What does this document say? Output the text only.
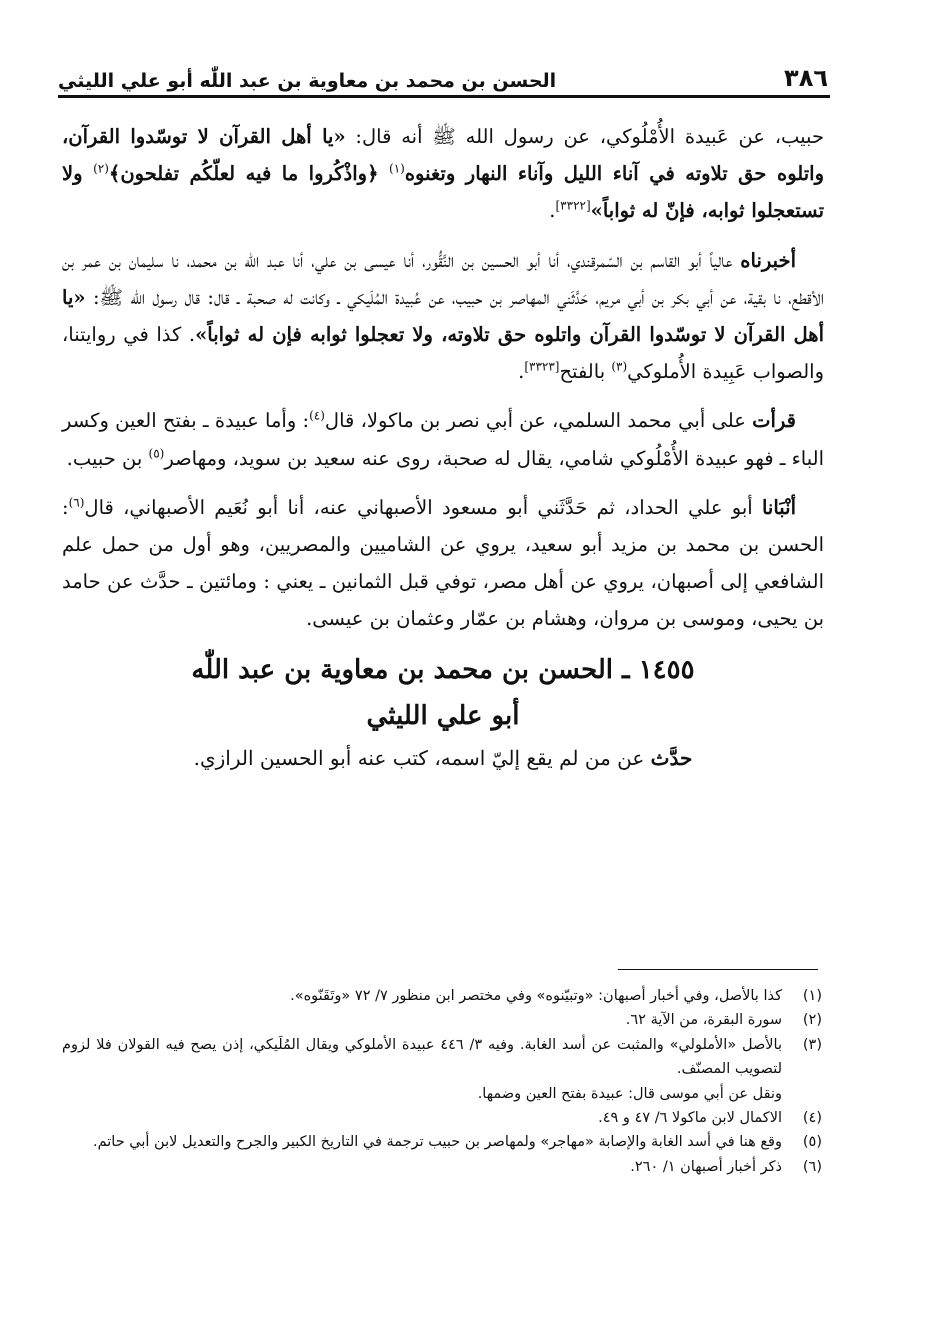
٣٨٦
الحسن بن محمد بن معاوية بن عبد اللّٰه أبو علي الليثي

حبيب، عن عَبيدة الأُمْلُوكي، عن رسول الله ﷺ أنه قال: «يا أهل القرآن لا توسّدوا القرآن، واتلوه حق تلاوته في آناء الليل وآناء النهار وتغنوه$^{(١)}$ ﴿واذْكُروا ما فيه لعلّكُم تفلحون﴾$^{(٢)}$ ولا تستعجلوا ثوابه، فإنّ له ثواباً»[٣٣٢٢].

أخبرناه عالياً أبو القاسم بن السّمرقندي، أنا أبو الحسين بن النَّقُّور، أنا عيسى بن علي، أنا عبد اللّٰه بن محمد، نا سليمان بن عمر بن الأقطع، نا بقية، عن أبي بكر بن أبي مريم، حَدَّثَني المهاصر بن حبيب، عن عُبيدة المُلَيكي ـ وكانت له صحبة ـ قال: قال رسول الله ﷺ: «يا أهل القرآن لا توسّدوا القرآن واتلوه حق تلاوته، ولا تعجلوا ثوابه فإن له ثواباً». كذا في روايتنا، والصواب عَبِيدة الأُملوكي$^{(٣)}$ بالفتح[٣٣٢٣].

قرأت على أبي محمد السلمي، عن أبي نصر بن ماكولا، قال$^{(٤)}$: وأما عبيدة ـ بفتح العين وكسر الباء ـ فهو عبيدة الأُمْلُوكي شامي، يقال له صحبة، روى عنه سعيد بن سويد، ومهاصر$^{(٥)}$ بن حبيب.

أنْبَانا أبو علي الحداد، ثم حَدَّثَني أبو مسعود الأصبهاني عنه، أنا أبو نُعَيم الأصبهاني، قال$^{(٦)}$: الحسن بن محمد بن مزيد أبو سعيد، يروي عن الشاميين والمصريين، وهو أول من حمل علم الشافعي إلى أصبهان، يروي عن أهل مصر، توفي قبل الثمانين ـ يعني : ومائتين ـ حدَّث عن حامد بن يحيى، وموسى بن مروان، وهشام بن عمّار وعثمان بن عيسى.

١٤٥٥ ـ الحسن بن محمد بن معاوية بن عبد اللّٰه
أبو علي الليثي

حدَّث عن من لم يقع إليّ اسمه، كتب عنه أبو الحسين الرازي.

(١)
كذا بالأصل، وفي أخبار أصبهان: «وتبيّنوه» وفي مختصر ابن منظور ٧/ ٧٢ «وتَقَنّوه».
(٢)
سورة البقرة، من الآية ٦٢.
(٣)
بالأصل «الأملولي» والمثبت عن أسد الغابة. وفيه ٣/ ٤٤٦ عبيدة الأملوكي ويقال المُلَيكي، إذن يصح فيه القولان فلا لزوم لتصويب المصنّف.
ونقل عن أبي موسى قال: عبيدة بفتح العين وضمها.
(٤)
الاكمال لابن ماكولا ٦/ ٤٧ و ٤٩.
(٥)
وقع هنا في أسد الغابة والإصابة «مهاجر» ولمهاصر بن حبيب ترجمة في التاريخ الكبير والجرح والتعديل لابن أبي حاتم.
(٦)
ذكر أخبار أصبهان ١/ ٢٦٠.
